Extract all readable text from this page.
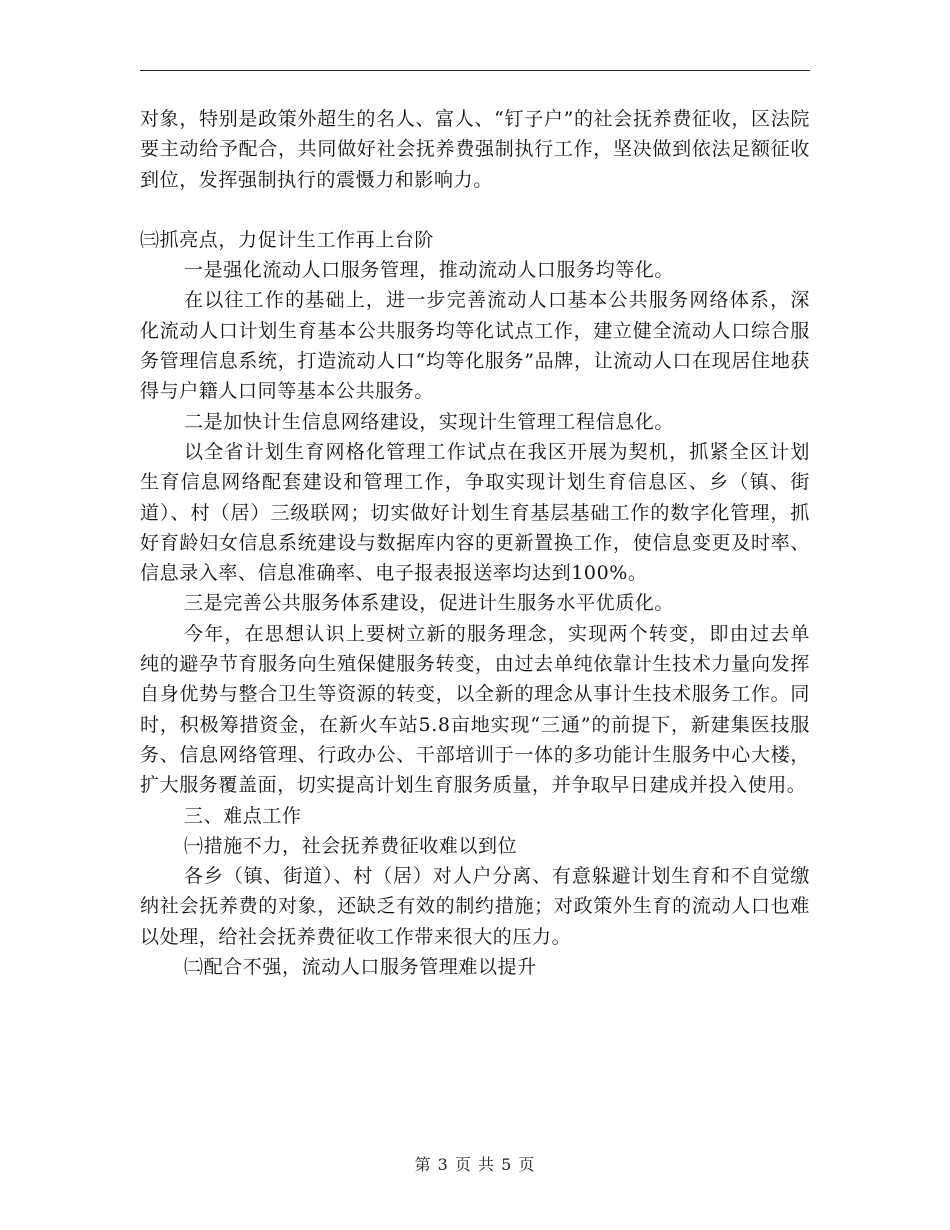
对象，特别是政策外超生的名人、富人、“钉子户”的社会抚养费征收，区法院要主动给予配合，共同做好社会抚养费强制执行工作，坚决做到依法足额征收到位，发挥强制执行的震慑力和影响力。

㈢抓亮点，力促计生工作再上台阶

一是强化流动人口服务管理，推动流动人口服务均等化。

在以往工作的基础上，进一步完善流动人口基本公共服务网络体系，深化流动人口计划生育基本公共服务均等化试点工作，建立健全流动人口综合服务管理信息系统，打造流动人口“均等化服务”品牌，让流动人口在现居住地获得与户籍人口同等基本公共服务。

二是加快计生信息网络建设，实现计生管理工程信息化。

以全省计划生育网格化管理工作试点在我区开展为契机，抓紧全区计划生育信息网络配套建设和管理工作，争取实现计划生育信息区、乡（镇、街道）、村（居）三级联网；切实做好计划生育基层基础工作的数字化管理，抓好育龄妇女信息系统建设与数据库内容的更新置换工作，使信息变更及时率、信息录入率、信息准确率、电子报表报送率均达到100%。

三是完善公共服务体系建设，促进计生服务水平优质化。

今年，在思想认识上要树立新的服务理念，实现两个转变，即由过去单纯的避孕节育服务向生殖保健服务转变，由过去单纯依靠计生技术力量向发挥自身优势与整合卫生等资源的转变，以全新的理念从事计生技术服务工作。同时，积极筹措资金，在新火车站5.8亩地实现“三通”的前提下，新建集医技服务、信息网络管理、行政办公、干部培训于一体的多功能计生服务中心大楼，扩大服务覆盖面，切实提高计划生育服务质量，并争取早日建成并投入使用。

三、难点工作

㈠措施不力，社会抚养费征收难以到位

各乡（镇、街道）、村（居）对人户分离、有意躲避计划生育和不自觉缴纳社会抚养费的对象，还缺乏有效的制约措施；对政策外生育的流动人口也难以处理，给社会抚养费征收工作带来很大的压力。

㈡配合不强，流动人口服务管理难以提升

第 3 页 共 5 页
